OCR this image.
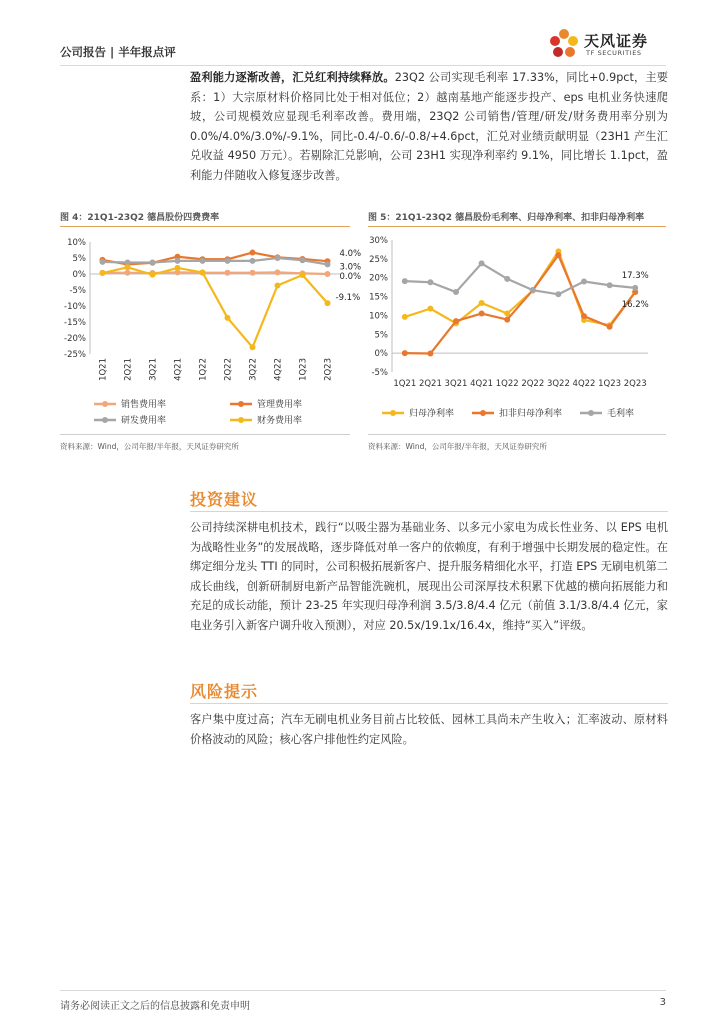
公司报告 | 半年报点评
天风证券
TF SECURITIES
盈利能力逐渐改善，汇兑红利持续释放。23Q2 公司实现毛利率 17.33%，同比+0.9pct，主要系：1）大宗原材料价格同比处于相对低位；2）越南基地产能逐步投产、eps 电机业务快速爬坡，公司规模效应显现毛利率改善。费用端，23Q2 公司销售/管理/研发/财务费用率分别为 0.0%/4.0%/3.0%/-9.1%，同比-0.4/-0.6/-0.8/+4.6pct，汇兑对业绩贡献明显（23H1 产生汇兑收益 4950 万元）。若剔除汇兑影响，公司 23H1 实现净利率约 9.1%，同比增长 1.1pct，盈利能力伴随收入修复逐步改善。
图 4：21Q1-23Q2 德昌股份四费费率
10%
5%
0%
-5%
-10%
-15%
-20%
-25%
1Q21 2Q21 3Q21 4Q21 1Q22 2Q22 3Q22 4Q22 1Q23 2Q23
4.0%
3.0%
0.0%
-9.1%
销售费用率	管理费用率
研发费用率	财务费用率
资料来源：Wind，公司年报/半年报，天风证券研究所
图 5：21Q1-23Q2 德昌股份毛利率、归母净利率、扣非归母净利率
30%
25%
20%
15%
10%
5%
0%
-5%
1Q21 2Q21 3Q21 4Q21 1Q22 2Q22 3Q22 4Q22 1Q23 2Q23
17.3%
16.2%
归母净利率	扣非归母净利率	毛利率
资料来源：Wind，公司年报/半年报，天风证券研究所
投资建议
公司持续深耕电机技术，践行“以吸尘器为基础业务、以多元小家电为成长性业务、以 EPS 电机为战略性业务”的发展战略，逐步降低对单一客户的依赖度，有利于增强中长期发展的稳定性。在绑定细分龙头 TTI 的同时，公司积极拓展新客户、提升服务精细化水平，打造 EPS 无刷电机第二成长曲线，创新研制厨电新产品智能洗碗机，展现出公司深厚技术积累下优越的横向拓展能力和充足的成长动能，预计 23-25 年实现归母净利润 3.5/3.8/4.4 亿元（前值 3.1/3.8/4.4 亿元，家电业务引入新客户调升收入预测），对应 20.5x/19.1x/16.4x，维持“买入”评级。
风险提示
客户集中度过高；汽车无刷电机业务目前占比较低、园林工具尚未产生收入；汇率波动、原材料价格波动的风险；核心客户排他性约定风险。
请务必阅读正文之后的信息披露和免责申明	3
